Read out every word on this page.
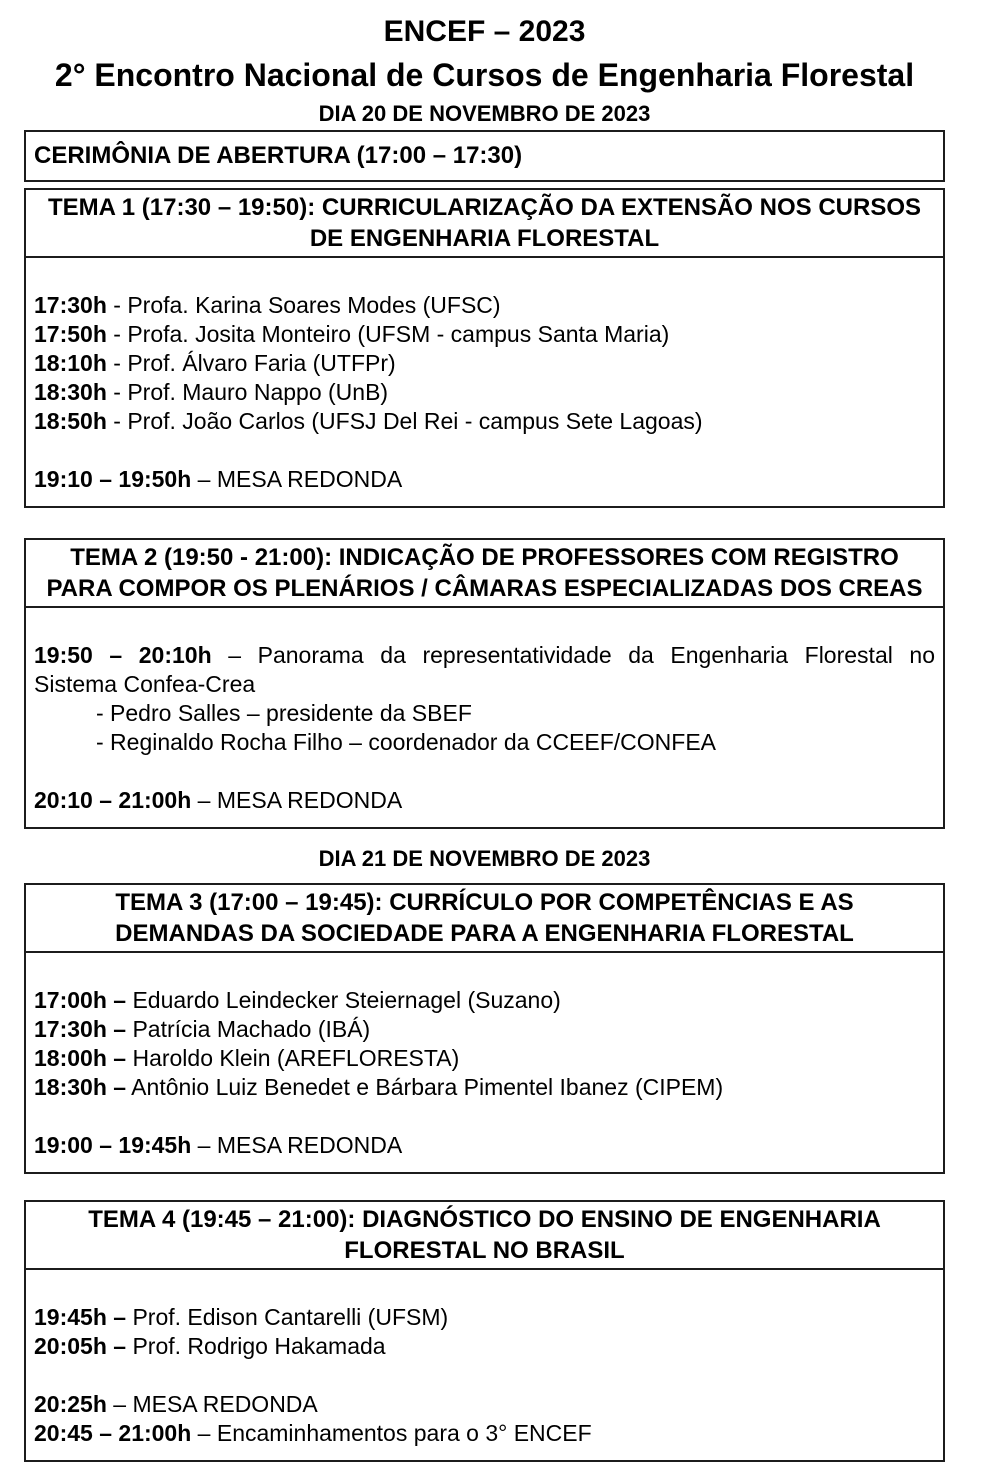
ENCEF – 2023
2° Encontro Nacional de Cursos de Engenharia Florestal
DIA 20 DE NOVEMBRO DE 2023
CERIMÔNIA DE ABERTURA (17:00 – 17:30)
TEMA 1 (17:30 – 19:50): CURRICULARIZAÇÃO DA EXTENSÃO NOS CURSOS
DE ENGENHARIA FLORESTAL
17:30h - Profa. Karina Soares Modes (UFSC)
17:50h - Profa. Josita Monteiro (UFSM - campus Santa Maria)
18:10h - Prof. Álvaro Faria (UTFPr)
18:30h - Prof. Mauro Nappo (UnB)
18:50h - Prof. João Carlos (UFSJ Del Rei - campus Sete Lagoas)
19:10 – 19:50h – MESA REDONDA
TEMA 2 (19:50 - 21:00): INDICAÇÃO DE PROFESSORES COM REGISTRO
PARA COMPOR OS PLENÁRIOS / CÂMARAS ESPECIALIZADAS DOS CREAS
19:50 – 20:10h – Panorama da representatividade da Engenharia Florestal no
Sistema Confea-Crea
- Pedro Salles – presidente da SBEF
- Reginaldo Rocha Filho – coordenador da CCEEF/CONFEA
20:10 – 21:00h – MESA REDONDA
DIA 21 DE NOVEMBRO DE 2023
TEMA 3 (17:00 – 19:45): CURRÍCULO POR COMPETÊNCIAS E AS
DEMANDAS DA SOCIEDADE PARA A ENGENHARIA FLORESTAL
17:00h – Eduardo Leindecker Steiernagel (Suzano)
17:30h – Patrícia Machado (IBÁ)
18:00h – Haroldo Klein (AREFLORESTA)
18:30h – Antônio Luiz Benedet e Bárbara Pimentel Ibanez (CIPEM)
19:00 – 19:45h – MESA REDONDA
TEMA 4 (19:45 – 21:00): DIAGNÓSTICO DO ENSINO DE ENGENHARIA
FLORESTAL NO BRASIL
19:45h – Prof. Edison Cantarelli (UFSM)
20:05h – Prof. Rodrigo Hakamada
20:25h – MESA REDONDA
20:45 – 21:00h – Encaminhamentos para o 3° ENCEF
